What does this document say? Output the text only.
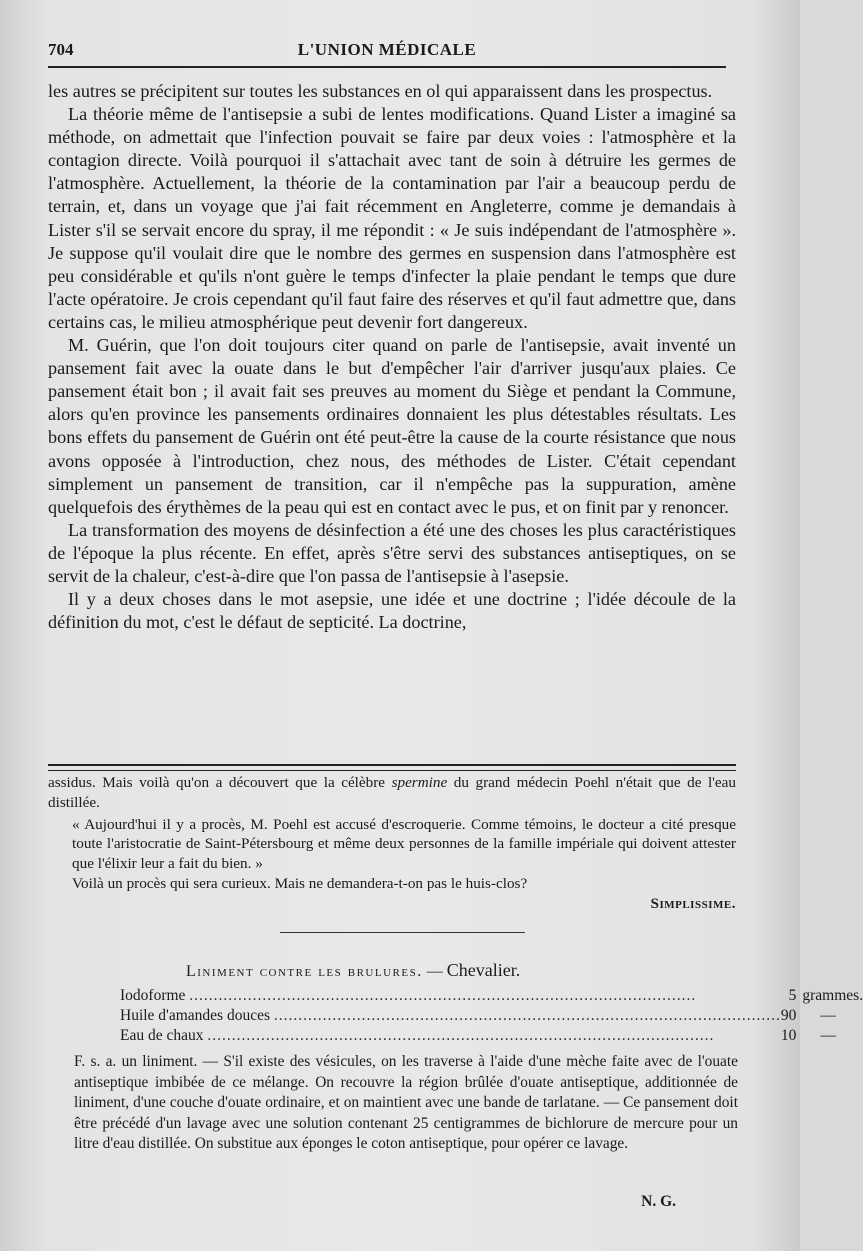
704	L'UNION MÉDICALE

les autres se précipitent sur toutes les substances en ol qui apparaissent dans les prospectus.

La théorie même de l'antisepsie a subi de lentes modifications. Quand Lister a imaginé sa méthode, on admettait que l'infection pouvait se faire par deux voies : l'atmosphère et la contagion directe. Voilà pourquoi il s'attachait avec tant de soin à détruire les germes de l'atmosphère. Actuellement, la théorie de la contamination par l'air a beaucoup perdu de terrain, et, dans un voyage que j'ai fait récemment en Angleterre, comme je demandais à Lister s'il se servait encore du spray, il me répondit : « Je suis indépendant de l'atmosphère ». Je suppose qu'il voulait dire que le nombre des germes en suspension dans l'atmosphère est peu considérable et qu'ils n'ont guère le temps d'infecter la plaie pendant le temps que dure l'acte opératoire. Je crois cependant qu'il faut faire des réserves et qu'il faut admettre que, dans certains cas, le milieu atmosphérique peut devenir fort dangereux.

M. Guérin, que l'on doit toujours citer quand on parle de l'antisepsie, avait inventé un pansement fait avec la ouate dans le but d'empêcher l'air d'arriver jusqu'aux plaies. Ce pansement était bon ; il avait fait ses preuves au moment du Siège et pendant la Commune, alors qu'en province les pansements ordinaires donnaient les plus détestables résultats. Les bons effets du pansement de Guérin ont été peut-être la cause de la courte résistance que nous avons opposée à l'introduction, chez nous, des méthodes de Lister. C'était cependant simplement un pansement de transition, car il n'empêche pas la suppuration, amène quelquefois des érythèmes de la peau qui est en contact avec le pus, et on finit par y renoncer.

La transformation des moyens de désinfection a été une des choses les plus caractéristiques de l'époque la plus récente. En effet, après s'être servi des substances antiseptiques, on se servit de la chaleur, c'est-à-dire que l'on passa de l'antisepsie à l'asepsie.

Il y a deux choses dans le mot asepsie, une idée et une doctrine ; l'idée découle de la définition du mot, c'est le défaut de septicité. La doctrine,

assidus. Mais voilà qu'on a découvert que la célèbre spermine du grand médecin Poehl n'était que de l'eau distillée.

« Aujourd'hui il y a procès, M. Poehl est accusé d'escroquerie. Comme témoins, le docteur a cité presque toute l'aristocratie de Saint-Pétersbourg et même deux personnes de la famille impériale qui doivent attester que l'élixir leur a fait du bien. »

Voilà un procès qui sera curieux. Mais ne demandera-t-on pas le huis-clos?

Simplissime.

Liniment contre les brulures. — Chevalier.
Iodoforme ........................................................................................................	5	grammes.
Huile d'amandes douces ........................................................................................................	90	—
Eau de chaux ........................................................................................................	10	—

F. s. a. un liniment. — S'il existe des vésicules, on les traverse à l'aide d'une mèche faite avec de l'ouate antiseptique imbibée de ce mélange. On recouvre la région brûlée d'ouate antiseptique, additionnée de liniment, d'une couche d'ouate ordinaire, et on maintient avec une bande de tarlatane. — Ce pansement doit être précédé d'un lavage avec une solution contenant 25 centigrammes de bichlorure de mercure pour un litre d'eau distillée. On substitue aux éponges le coton antiseptique, pour opérer ce lavage.

N. G.
